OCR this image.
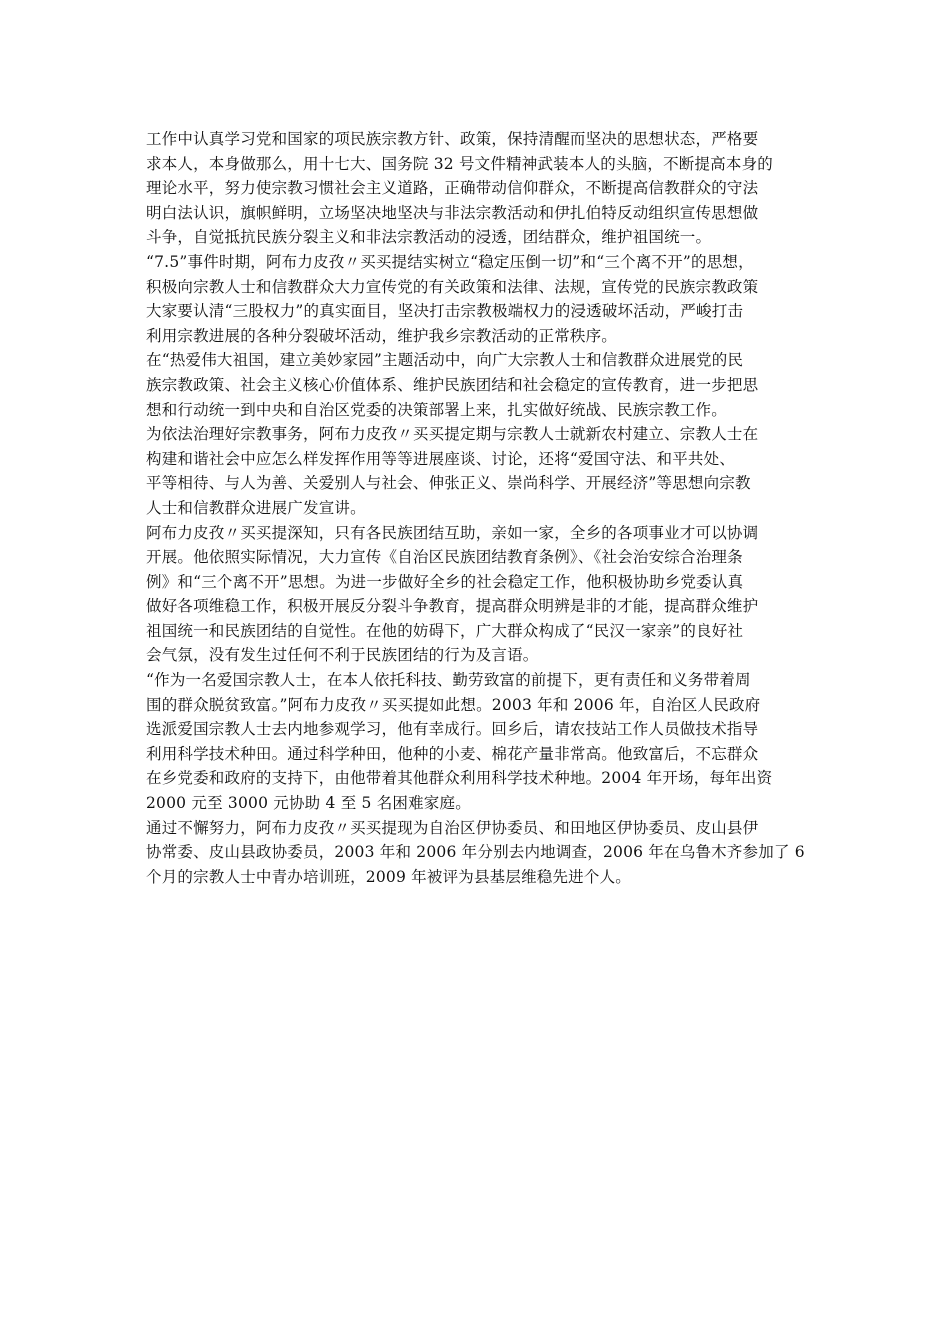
工作中认真学习党和国家的项民族宗教方针、政策，保持清醒而坚决的思想状态，严格要
求本人，本身做那么，用十七大、国务院 32 号文件精神武装本人的头脑，不断提高本身的
理论水平，努力使宗教习惯社会主义道路，正确带动信仰群众，不断提高信教群众的守法
明白法认识，旗帜鲜明，立场坚决地坚决与非法宗教活动和伊扎伯特反动组织宣传思想做
斗争，自觉抵抗民族分裂主义和非法宗教活动的浸透，团结群众，维护祖国统一。
“7.5”事件时期，阿布力皮孜〃买买提结实树立“稳定压倒一切”和“三个离不开”的思想，
积极向宗教人士和信教群众大力宣传党的有关政策和法律、法规，宣传党的民族宗教政策
大家要认清“三股权力”的真实面目，坚决打击宗教极端权力的浸透破坏活动，严峻打击
利用宗教进展的各种分裂破坏活动，维护我乡宗教活动的正常秩序。
在“热爱伟大祖国，建立美妙家园”主题活动中，向广大宗教人士和信教群众进展党的民
族宗教政策、社会主义核心价值体系、维护民族团结和社会稳定的宣传教育，进一步把思
想和行动统一到中央和自治区党委的决策部署上来，扎实做好统战、民族宗教工作。
为依法治理好宗教事务，阿布力皮孜〃买买提定期与宗教人士就新农村建立、宗教人士在
构建和谐社会中应怎么样发挥作用等等进展座谈、讨论，还将“爱国守法、和平共处、
平等相待、与人为善、关爱别人与社会、伸张正义、崇尚科学、开展经济”等思想向宗教
人士和信教群众进展广发宣讲。
阿布力皮孜〃买买提深知，只有各民族团结互助，亲如一家，全乡的各项事业才可以协调
开展。他依照实际情况，大力宣传《自治区民族团结教育条例》、《社会治安综合治理条
例》和“三个离不开”思想。为进一步做好全乡的社会稳定工作，他积极协助乡党委认真
做好各项维稳工作，积极开展反分裂斗争教育，提高群众明辨是非的才能，提高群众维护
祖国统一和民族团结的自觉性。在他的妨碍下，广大群众构成了“民汉一家亲”的良好社
会气氛，没有发生过任何不利于民族团结的行为及言语。
“作为一名爱国宗教人士，在本人依托科技、勤劳致富的前提下，更有责任和义务带着周
围的群众脱贫致富。”阿布力皮孜〃买买提如此想。2003 年和 2006 年，自治区人民政府
选派爱国宗教人士去内地参观学习，他有幸成行。回乡后，请农技站工作人员做技术指导
利用科学技术种田。通过科学种田，他种的小麦、棉花产量非常高。他致富后，不忘群众
在乡党委和政府的支持下，由他带着其他群众利用科学技术种地。2004 年开场，每年出资
2000 元至 3000 元协助 4 至 5 名困难家庭。
通过不懈努力，阿布力皮孜〃买买提现为自治区伊协委员、和田地区伊协委员、皮山县伊
协常委、皮山县政协委员，2003 年和 2006 年分别去内地调查，2006 年在乌鲁木齐参加了 6
个月的宗教人士中青办培训班，2009 年被评为县基层维稳先进个人。
